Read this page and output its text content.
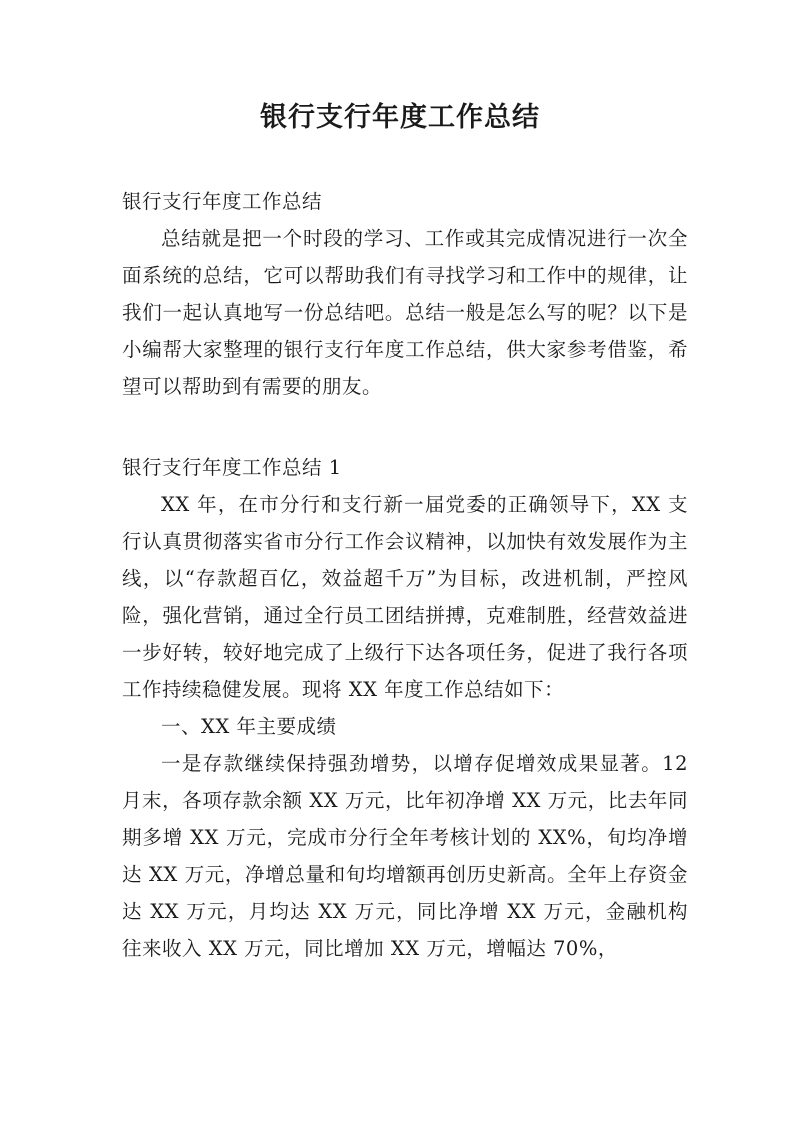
银行支行年度工作总结

银行支行年度工作总结

总结就是把一个时段的学习、工作或其完成情况进行一次全面系统的总结，它可以帮助我们有寻找学习和工作中的规律，让我们一起认真地写一份总结吧。总结一般是怎么写的呢？以下是小编帮大家整理的银行支行年度工作总结，供大家参考借鉴，希望可以帮助到有需要的朋友。

银行支行年度工作总结 1

XX 年，在市分行和支行新一届党委的正确领导下，XX 支行认真贯彻落实省市分行工作会议精神，以加快有效发展作为主线，以“存款超百亿，效益超千万”为目标，改进机制，严控风险，强化营销，通过全行员工团结拼搏，克难制胜，经营效益进一步好转，较好地完成了上级行下达各项任务，促进了我行各项工作持续稳健发展。现将 XX 年度工作总结如下：

一、XX 年主要成绩

一是存款继续保持强劲增势，以增存促增效成果显著。12 月末，各项存款余额 XX 万元，比年初净增 XX 万元，比去年同期多增 XX 万元，完成市分行全年考核计划的 XX%，旬均净增达 XX 万元，净增总量和旬均增额再创历史新高。全年上存资金达 XX 万元，月均达 XX 万元，同比净增 XX 万元，金融机构往来收入 XX 万元，同比增加 XX 万元，增幅达 70%，
